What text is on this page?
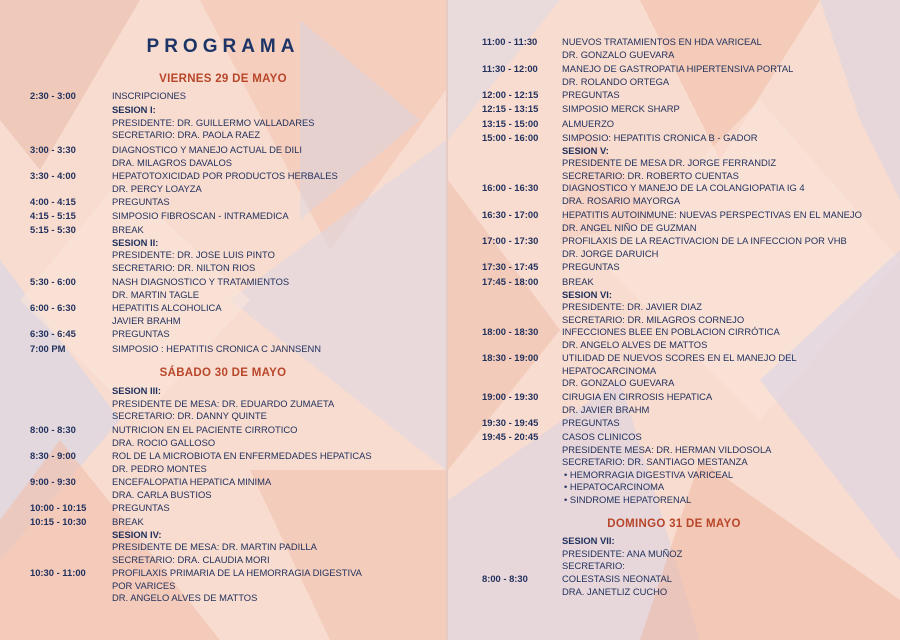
PROGRAMA
VIERNES 29 DE MAYO
2:30 - 3:00	INSCRIPCIONES
SESION I:
PRESIDENTE: DR. GUILLERMO VALLADARES
SECRETARIO: DRA. PAOLA RAEZ
3:00 - 3:30	DIAGNOSTICO Y MANEJO ACTUAL DE DILI
DRA. MILAGROS DAVALOS
3:30 - 4:00	HEPATOTOXICIDAD POR PRODUCTOS HERBALES
DR. PERCY LOAYZA
4:00 - 4:15	PREGUNTAS
4:15 - 5:15	SIMPOSIO FIBROSCAN - INTRAMEDICA
5:15 - 5:30	BREAK
SESION II:
PRESIDENTE: DR. JOSE LUIS PINTO
SECRETARIO: DR. NILTON RIOS
5:30 - 6:00	NASH DIAGNOSTICO Y TRATAMIENTOS
DR. MARTIN TAGLE
6:00 - 6:30	HEPATITIS ALCOHOLICA
JAVIER BRAHM
6:30 - 6:45	PREGUNTAS
7:00 PM	SIMPOSIO : HEPATITIS CRONICA C JANNSENN
SÁBADO 30 DE MAYO
SESION III:
PRESIDENTE DE MESA: DR. EDUARDO ZUMAETA
SECRETARIO: DR. DANNY QUINTE
8:00 - 8:30	NUTRICION EN EL PACIENTE CIRROTICO
DRA. ROCIO GALLOSO
8:30 - 9:00	ROL DE LA MICROBIOTA EN ENFERMEDADES HEPATICAS
DR. PEDRO MONTES
9:00 - 9:30	ENCEFALOPATIA HEPATICA MINIMA
DRA. CARLA BUSTIOS
10:00 - 10:15	PREGUNTAS
10:15 - 10:30	BREAK
SESION IV:
PRESIDENTE DE MESA: DR. MARTIN PADILLA
SECRETARIO: DRA. CLAUDIA MORI
10:30 - 11:00	PROFILAXIS PRIMARIA DE LA HEMORRAGIA DIGESTIVA
POR VARICES
DR. ANGELO ALVES DE MATTOS
11:00 - 11:30	NUEVOS TRATAMIENTOS EN HDA VARICEAL
DR. GONZALO GUEVARA
11:30 - 12:00	MANEJO DE GASTROPATIA HIPERTENSIVA PORTAL
DR. ROLANDO ORTEGA
12:00 - 12:15	PREGUNTAS
12:15 - 13:15	SIMPOSIO MERCK SHARP
13:15 - 15:00	ALMUERZO
15:00 - 16:00	SIMPOSIO: HEPATITIS CRONICA B - GADOR
SESION V:
PRESIDENTE DE MESA DR. JORGE FERRANDIZ
SECRETARIO: DR. ROBERTO CUENTAS
16:00 - 16:30	DIAGNOSTICO Y MANEJO DE LA COLANGIOPATIA IG 4
DRA. ROSARIO MAYORGA
16:30 - 17:00	HEPATITIS AUTOINMUNE: NUEVAS PERSPECTIVAS EN EL MANEJO
DR. ANGEL NIÑO DE GUZMAN
17:00 - 17:30	PROFILAXIS DE LA REACTIVACION DE LA INFECCION POR VHB
DR. JORGE DARUICH
17:30 - 17:45	PREGUNTAS
17:45 - 18:00	BREAK
SESION VI:
PRESIDENTE: DR. JAVIER DIAZ
SECRETARIO: DR. MILAGROS CORNEJO
18:00 - 18:30	INFECCIONES BLEE EN POBLACION CIRRÓTICA
DR. ANGELO ALVES DE MATTOS
18:30 - 19:00	UTILIDAD DE NUEVOS SCORES EN EL MANEJO DEL
HEPATOCARCINOMA
DR. GONZALO GUEVARA
19:00 - 19:30	CIRUGIA EN CIRROSIS HEPATICA
DR. JAVIER BRAHM
19:30 - 19:45	PREGUNTAS
19:45 - 20:45	CASOS CLINICOS
PRESIDENTE MESA: DR. HERMAN VILDOSOLA
SECRETARIO: DR. SANTIAGO MESTANZA
• HEMORRAGIA DIGESTIVA VARICEAL
• HEPATOCARCINOMA
• SINDROME HEPATORENAL
DOMINGO 31 DE MAYO
SESION VII:
PRESIDENTE: ANA MUÑOZ
SECRETARIO:
8:00 - 8:30	COLESTASIS NEONATAL
DRA. JANETLIZ CUCHO
